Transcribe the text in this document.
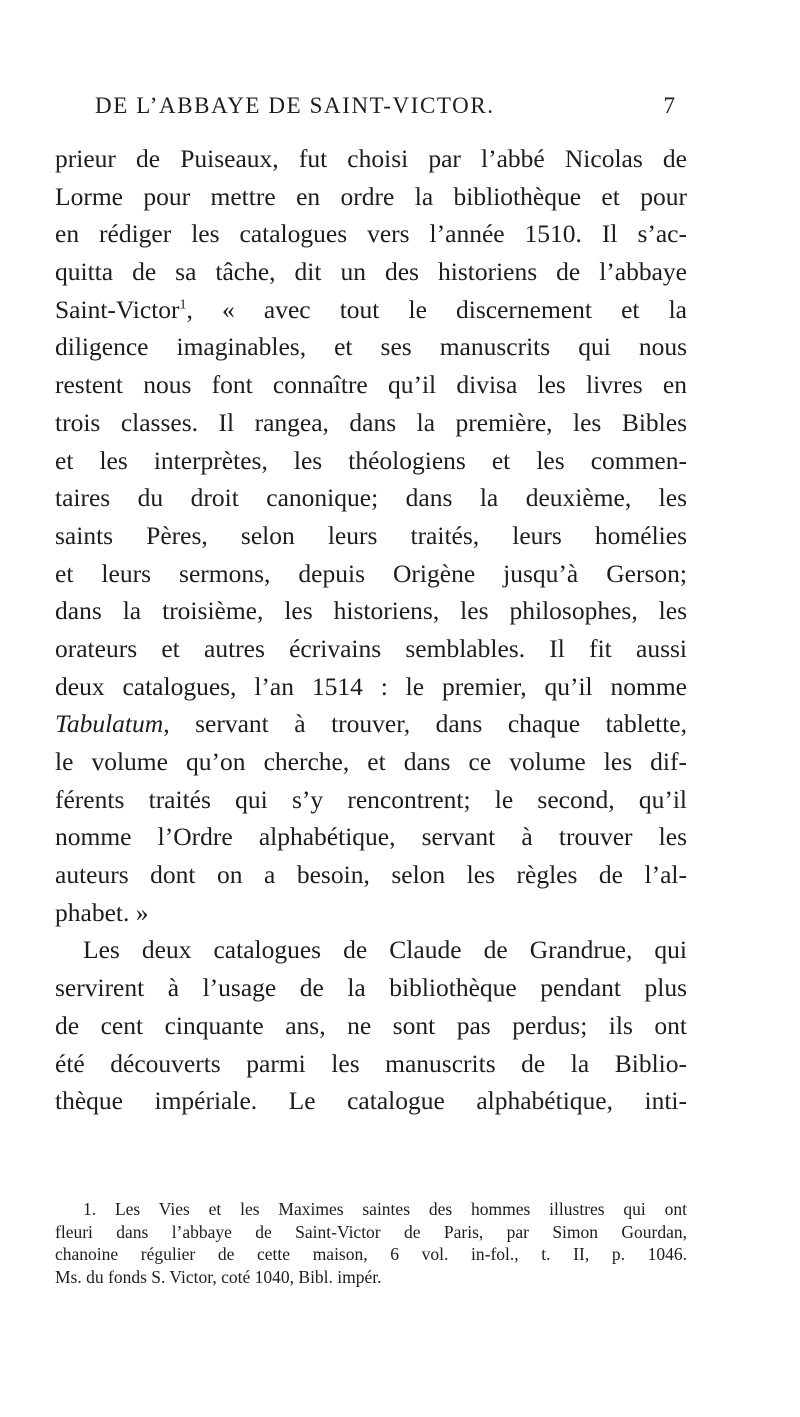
DE L’ABBAYE DE SAINT-VICTOR.	7
prieur de Puiseaux, fut choisi par l’abbé Nicolas de
Lorme pour mettre en ordre la bibliothèque et pour
en rédiger les catalogues vers l’année 1510. Il s’ac-
quitta de sa tâche, dit un des historiens de l’abbaye
Saint-Victor$^1$, « avec tout le discernement et la
diligence imaginables, et ses manuscrits qui nous
restent nous font connaître qu’il divisa les livres en
trois classes. Il rangea, dans la première, les Bibles
et les interprètes, les théologiens et les commen-
taires du droit canonique; dans la deuxième, les
saints Pères, selon leurs traités, leurs homélies
et leurs sermons, depuis Origène jusqu’à Gerson;
dans la troisième, les historiens, les philosophes, les
orateurs et autres écrivains semblables. Il fit aussi
deux catalogues, l’an 1514 : le premier, qu’il nomme
Tabulatum, servant à trouver, dans chaque tablette,
le volume qu’on cherche, et dans ce volume les dif-
férents traités qui s’y rencontrent; le second, qu’il
nomme l’Ordre alphabétique, servant à trouver les
auteurs dont on a besoin, selon les règles de l’al-
phabet. »
Les deux catalogues de Claude de Grandrue, qui
servirent à l’usage de la bibliothèque pendant plus
de cent cinquante ans, ne sont pas perdus; ils ont
été découverts parmi les manuscrits de la Biblio-
thèque impériale. Le catalogue alphabétique, inti-
1. Les Vies et les Maximes saintes des hommes illustres qui ont
fleuri dans l’abbaye de Saint-Victor de Paris, par Simon Gourdan,
chanoine régulier de cette maison, 6 vol. in-fol., t. II, p. 1046.
Ms. du fonds S. Victor, coté 1040, Bibl. impér.
